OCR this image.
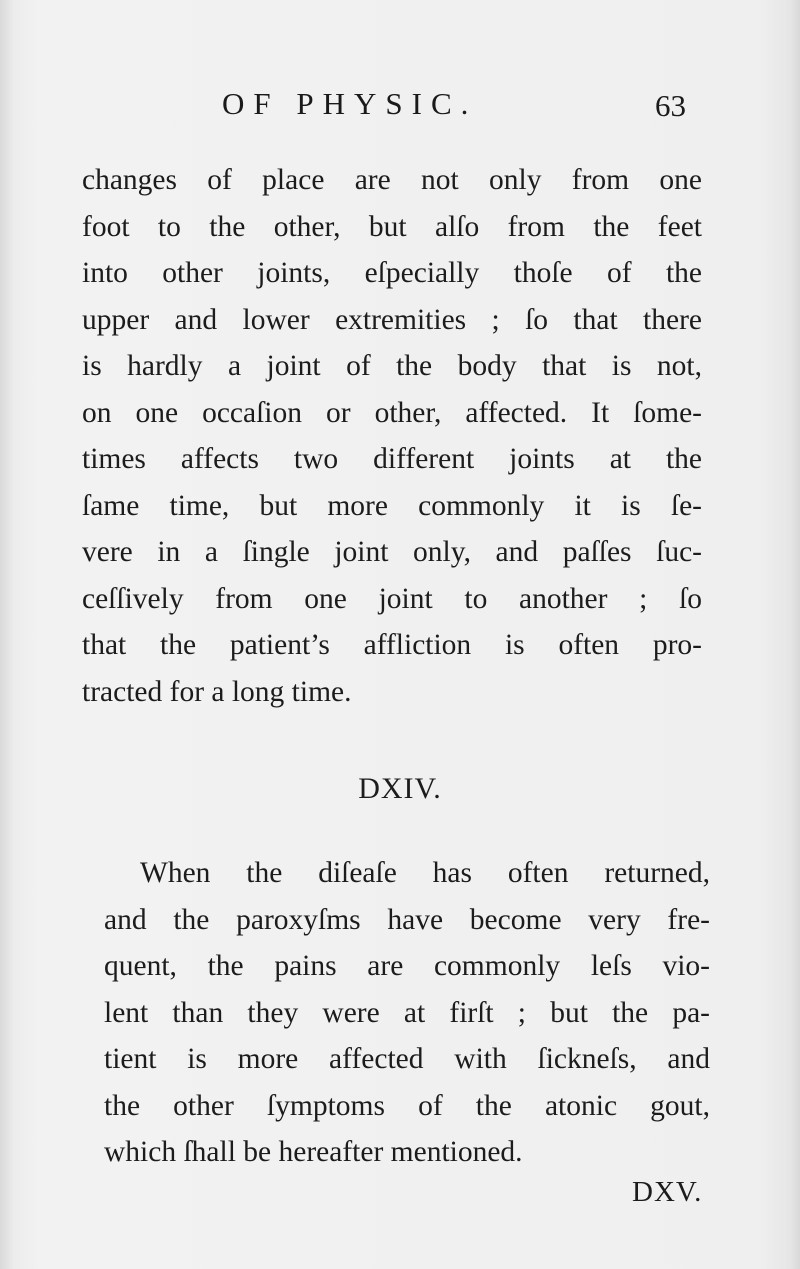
OF PHYSIC.	63
changes of place are not only from one
foot to the other, but alſo from the feet
into other joints, eſpecially thoſe of the
upper and lower extremities ; ſo that there
is hardly a joint of the body that is not,
on one occaſion or other, affected. It ſome-
times affects two different joints at the
ſame time, but more commonly it is ſe-
vere in a ſingle joint only, and paſſes ſuc-
ceſſively from one joint to another ; ſo
that the patient’s affliction is often pro-
tracted for a long time.
DXIV.
When the diſeaſe has often returned,
and the paroxyſms have become very fre-
quent, the pains are commonly leſs vio-
lent than they were at firſt ; but the pa-
tient is more affected with ſickneſs, and
the other ſymptoms of the atonic gout,
which ſhall be hereafter mentioned.
DXV.
